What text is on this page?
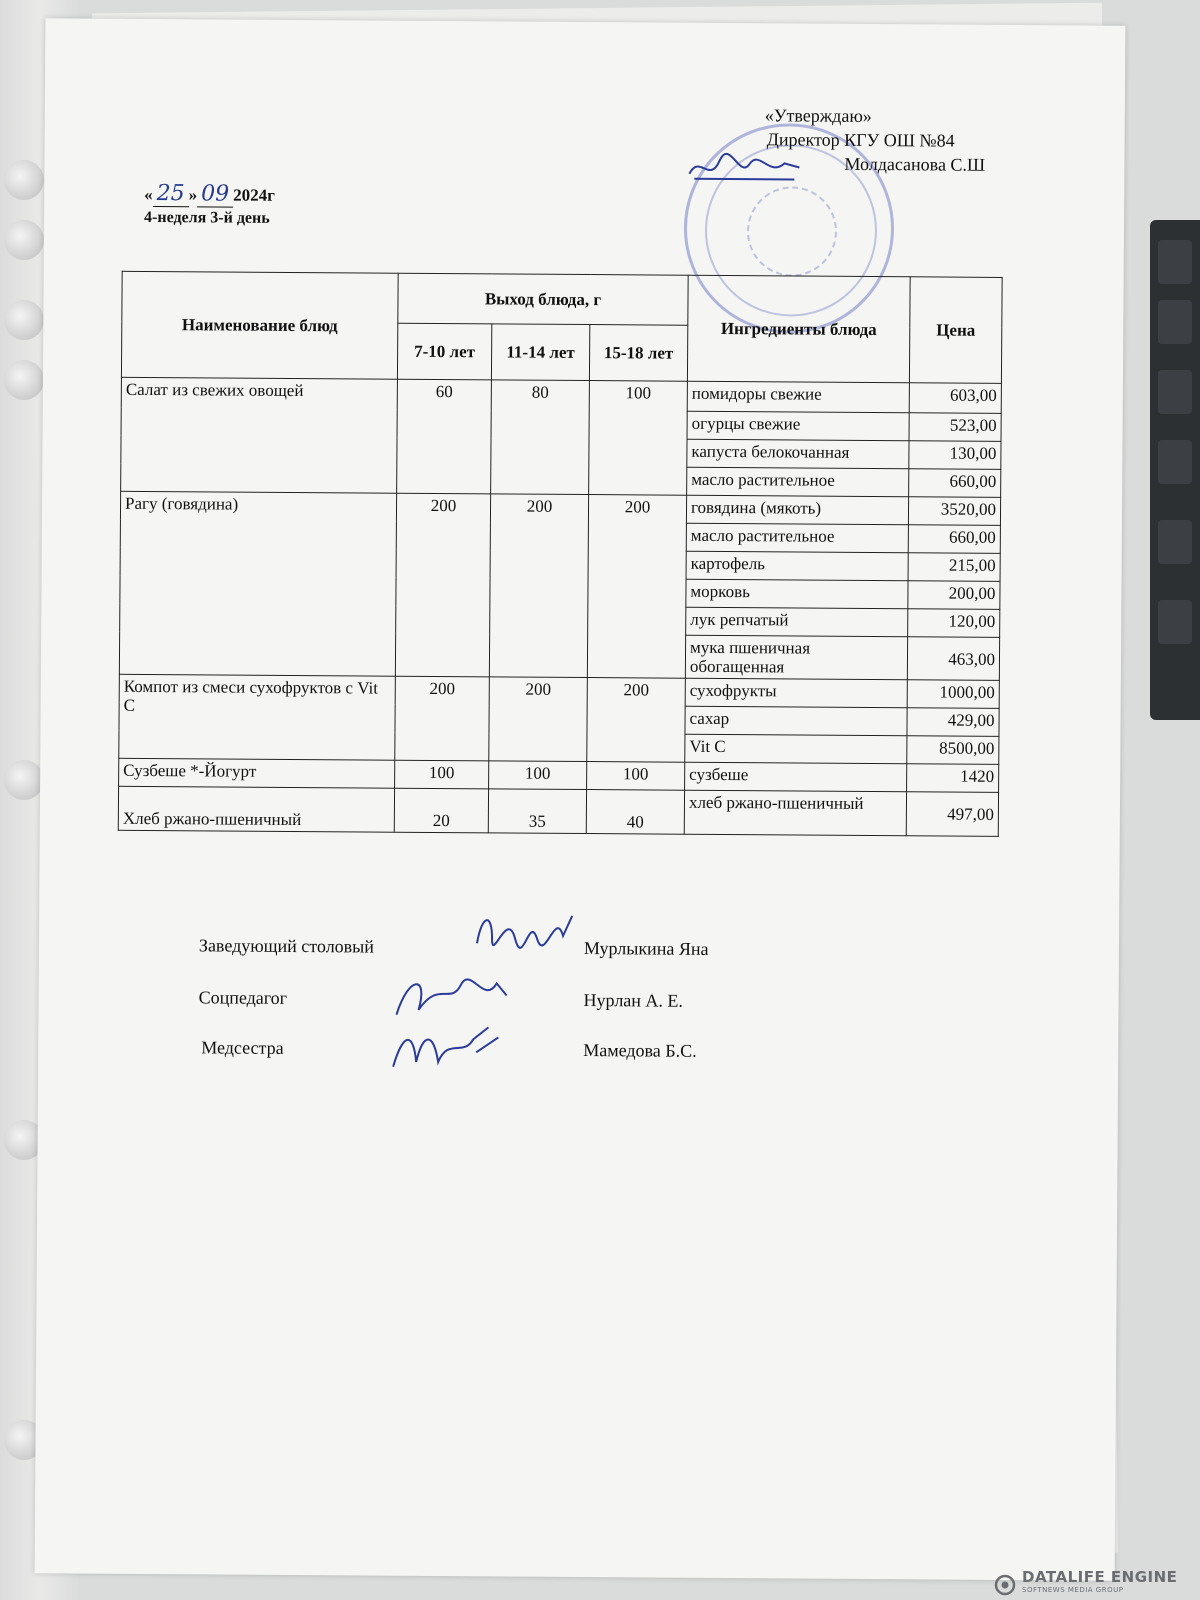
«Утверждаю»
Директор КГУ ОШ №84
Молдасанова С.Ш
« 25 » 09 2024г
4-неделя 3-й день
Наименование блюд	Выход блюда, г			Ингредиенты блюда	Цена
	7-10 лет	11-14 лет	15-18 лет		
Салат из свежих овощей	60	80	100	помидоры свежие	603,00
				огурцы свежие	523,00
				капуста белокочанная	130,00
				масло растительное	660,00
Рагу (говядина)	200	200	200	говядина (мякоть)	3520,00
				масло растительное	660,00
				картофель	215,00
				морковь	200,00
				лук репчатый	120,00
				мука пшеничная обогащенная	463,00
Компот из смеси сухофруктов с Vit C	200	200	200	сухофрукты	1000,00
				сахар	429,00
				Vit C	8500,00
Сузбеше *-Йогурт	100	100	100	сузбеше	1420
Хлеб ржано-пшеничный	20	35	40	хлеб ржано-пшеничный	497,00
Заведующий столовый	Мурлыкина Яна
Соцпедагог	Нурлан А. Е.
Медсестра	Мамедова Б.С.
DATALIFE ENGINE
SOFTNEWS MEDIA GROUP
